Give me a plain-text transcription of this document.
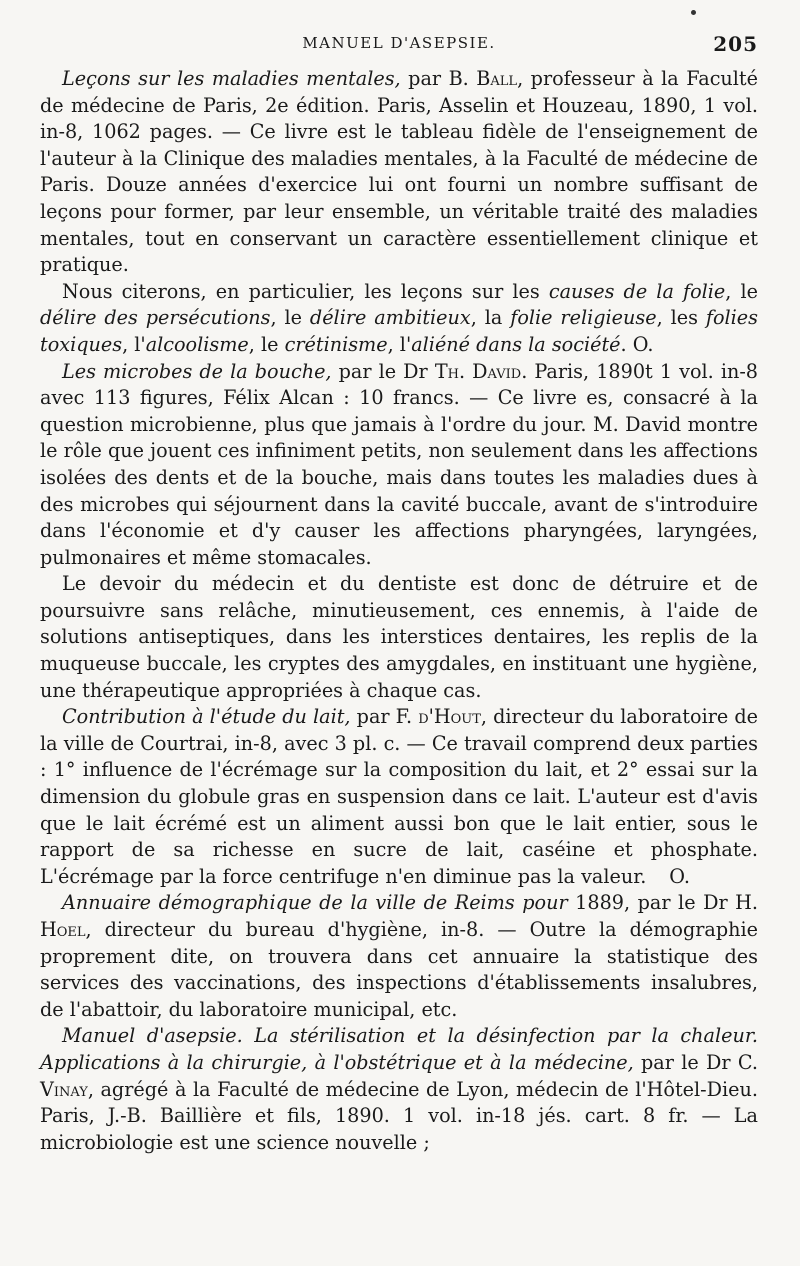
MANUEL D'ASEPSIE.	205

Leçons sur les maladies mentales, par B. Ball, professeur à la Faculté de médecine de Paris, 2e édition. Paris, Asselin et Houzeau, 1890, 1 vol. in-8, 1062 pages. — Ce livre est le tableau fidèle de l'enseignement de l'auteur à la Clinique des maladies mentales, à la Faculté de médecine de Paris. Douze années d'exercice lui ont fourni un nombre suffisant de leçons pour former, par leur ensemble, un véritable traité des maladies mentales, tout en conservant un caractère essentiellement clinique et pratique.

Nous citerons, en particulier, les leçons sur les causes de la folie, le délire des persécutions, le délire ambitieux, la folie religieuse, les folies toxiques, l'alcoolisme, le crétinisme, l'aliéné dans la société. O.

Les microbes de la bouche, par le Dr Th. David. Paris, 1890t 1 vol. in-8 avec 113 figures, Félix Alcan : 10 francs. — Ce livre es, consacré à la question microbienne, plus que jamais à l'ordre du jour. M. David montre le rôle que jouent ces infiniment petits, non seulement dans les affections isolées des dents et de la bouche, mais dans toutes les maladies dues à des microbes qui séjournent dans la cavité buccale, avant de s'introduire dans l'économie et d'y causer les affections pharyngées, laryngées, pulmonaires et même stomacales.

Le devoir du médecin et du dentiste est donc de détruire et de poursuivre sans relâche, minutieusement, ces ennemis, à l'aide de solutions antiseptiques, dans les interstices dentaires, les replis de la muqueuse buccale, les cryptes des amygdales, en instituant une hygiène, une thérapeutique appropriées à chaque cas.

Contribution à l'étude du lait, par F. d'Hout, directeur du laboratoire de la ville de Courtrai, in-8, avec 3 pl. c. — Ce travail comprend deux parties : 1° influence de l'écrémage sur la composition du lait, et 2° essai sur la dimension du globule gras en suspension dans ce lait. L'auteur est d'avis que le lait écrémé est un aliment aussi bon que le lait entier, sous le rapport de sa richesse en sucre de lait, caséine et phosphate. L'écrémage par la force centrifuge n'en diminue pas la valeur.	O.

Annuaire démographique de la ville de Reims pour 1889, par le Dr H. Hoel, directeur du bureau d'hygiène, in-8. — Outre la démographie proprement dite, on trouvera dans cet annuaire la statistique des services des vaccinations, des inspections d'établissements insalubres, de l'abattoir, du laboratoire municipal, etc.

Manuel d'asepsie. La stérilisation et la désinfection par la chaleur. Applications à la chirurgie, à l'obstétrique et à la médecine, par le Dr C. Vinay, agrégé à la Faculté de médecine de Lyon, médecin de l'Hôtel-Dieu. Paris, J.-B. Baillière et fils, 1890. 1 vol. in-18 jés. cart. 8 fr. — La microbiologie est une science nouvelle ;
